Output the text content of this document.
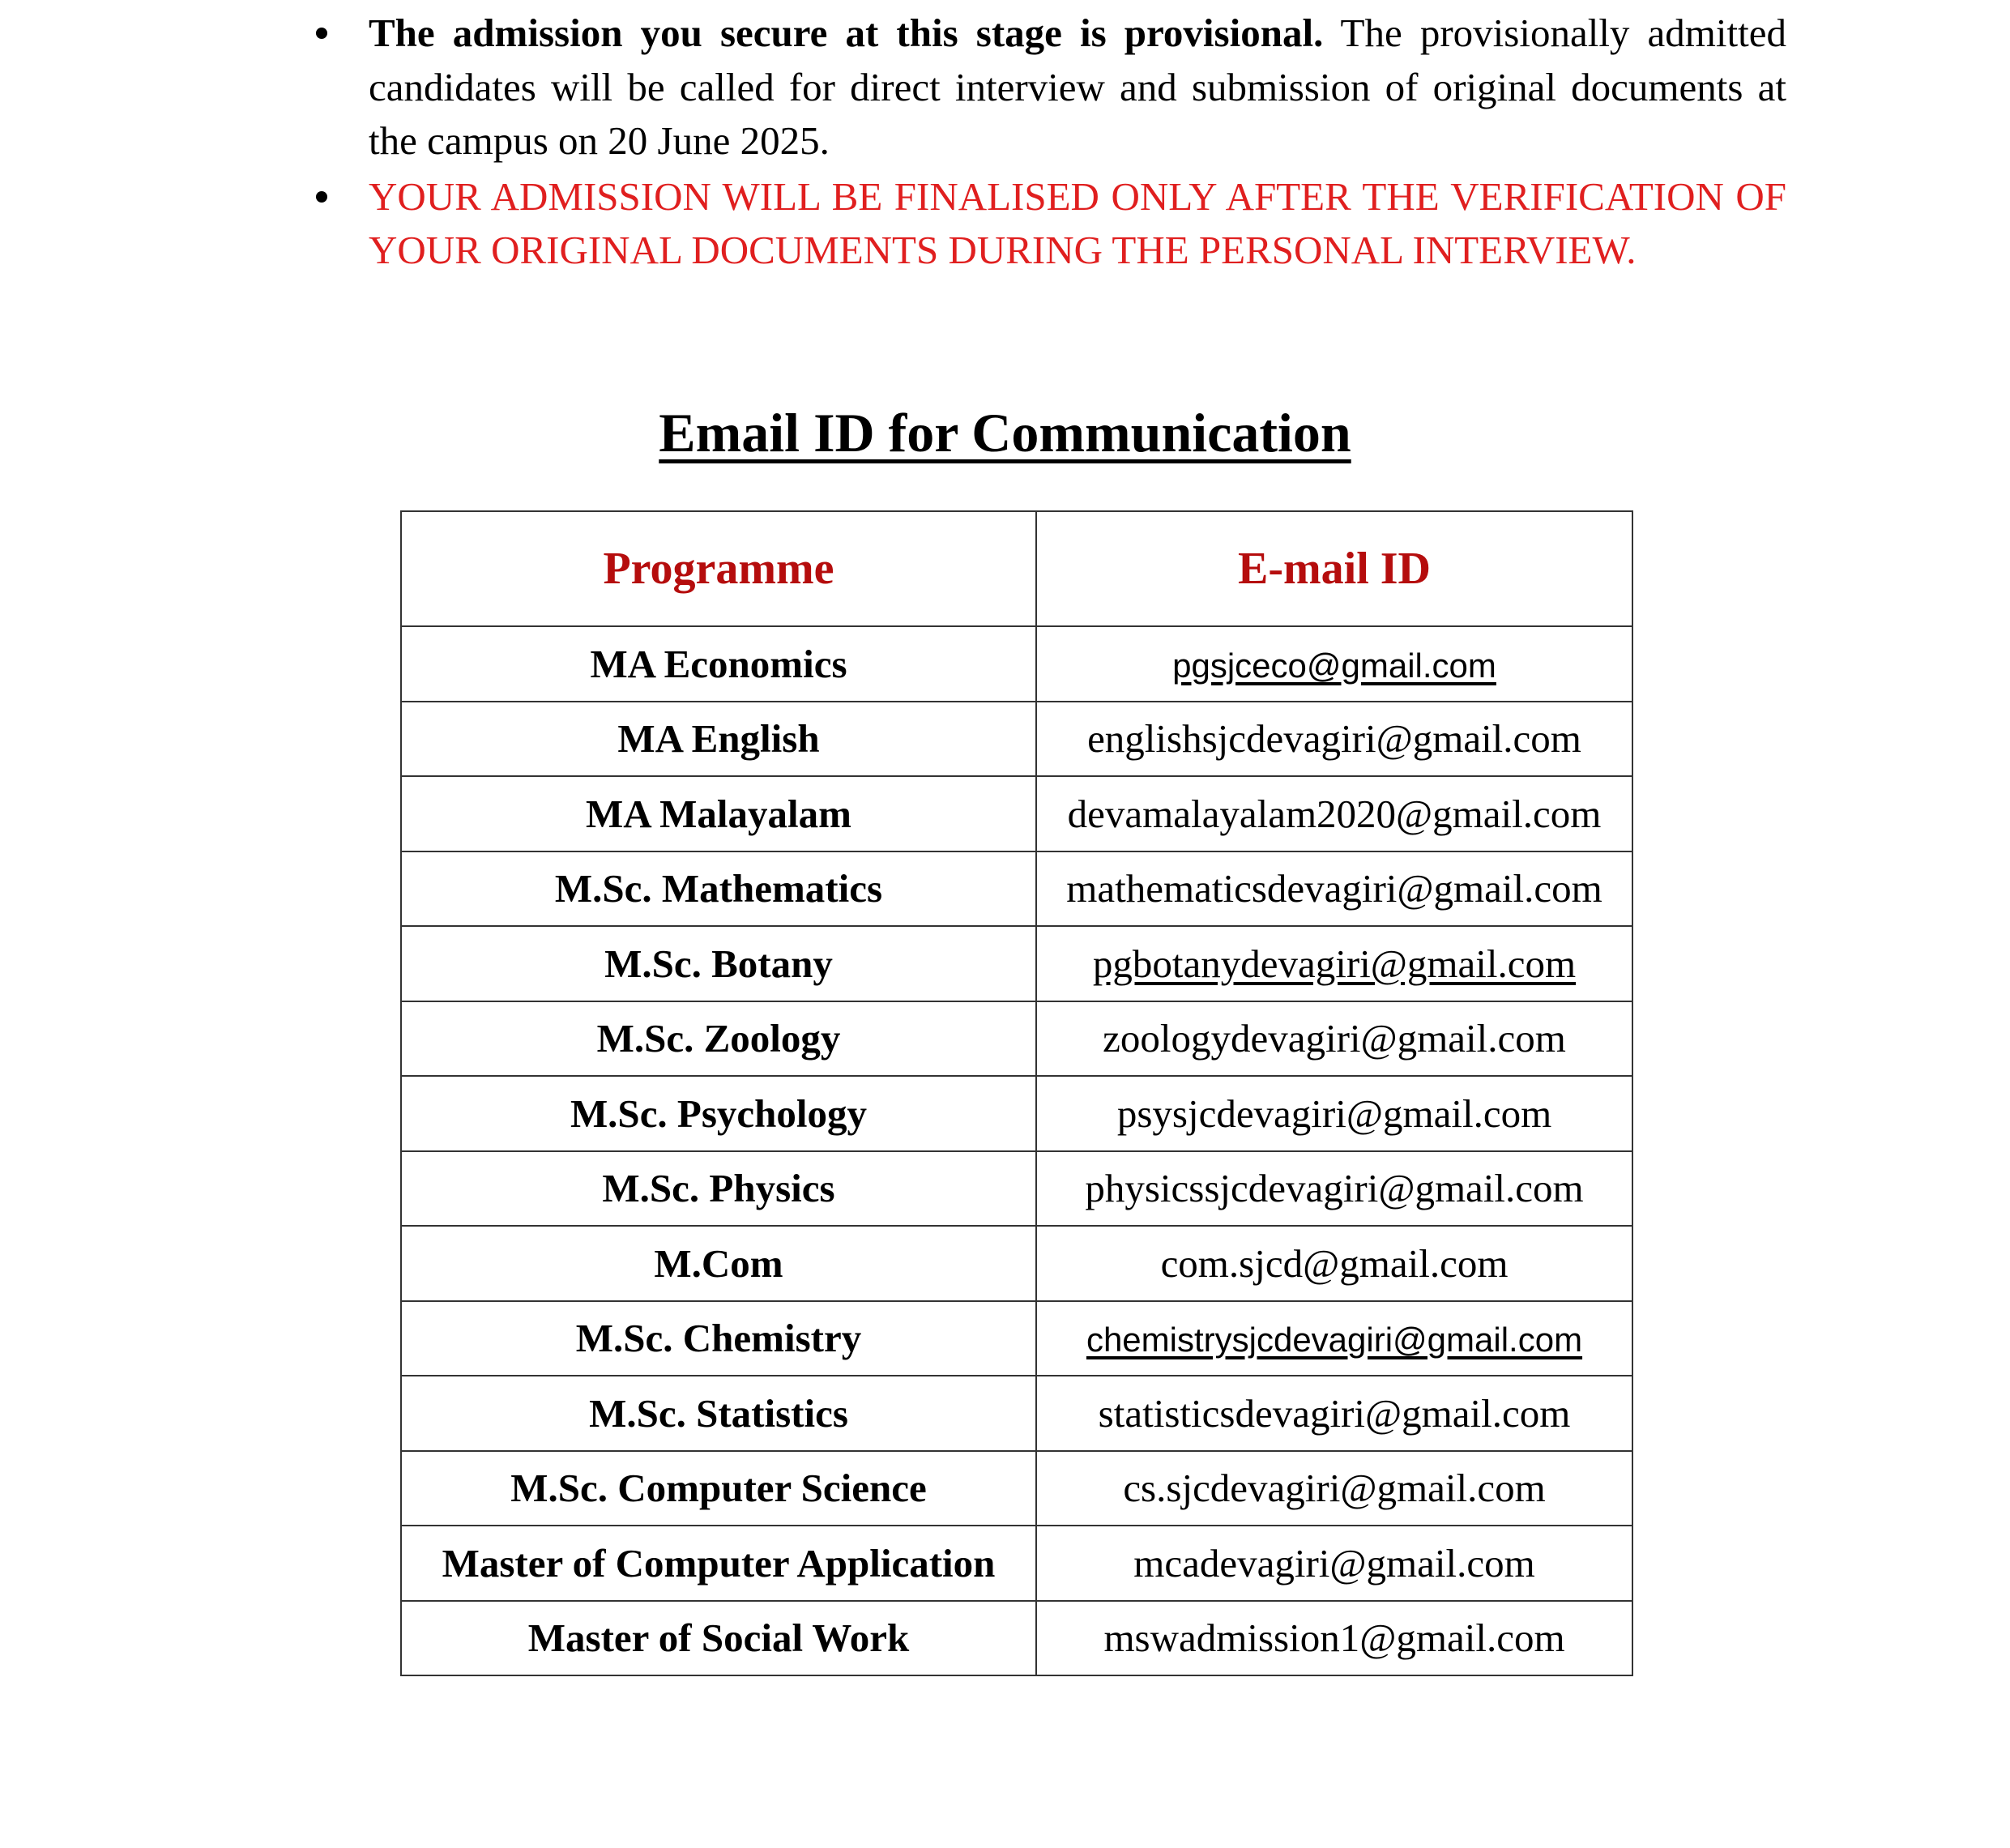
The admission you secure at this stage is provisional. The provisionally admitted candidates will be called for direct interview and submission of original documents at the campus on 20 June 2025.
YOUR ADMISSION WILL BE FINALISED ONLY AFTER THE VERIFICATION OF YOUR ORIGINAL DOCUMENTS DURING THE PERSONAL INTERVIEW.
Email ID for Communication
Programme	E-mail ID
MA Economics	pgsjceco@gmail.com
MA English	englishsjcdevagiri@gmail.com
MA Malayalam	devamalayalam2020@gmail.com
M.Sc. Mathematics	mathematicsdevagiri@gmail.com
M.Sc. Botany	pgbotanydevagiri@gmail.com
M.Sc. Zoology	zoologydevagiri@gmail.com
M.Sc. Psychology	psysjcdevagiri@gmail.com
M.Sc. Physics	physicssjcdevagiri@gmail.com
M.Com	com.sjcd@gmail.com
M.Sc. Chemistry	chemistrysjcdevagiri@gmail.com
M.Sc. Statistics	statisticsdevagiri@gmail.com
M.Sc. Computer Science	cs.sjcdevagiri@gmail.com
Master of Computer Application	mcadevagiri@gmail.com
Master of Social Work	mswadmission1@gmail.com
